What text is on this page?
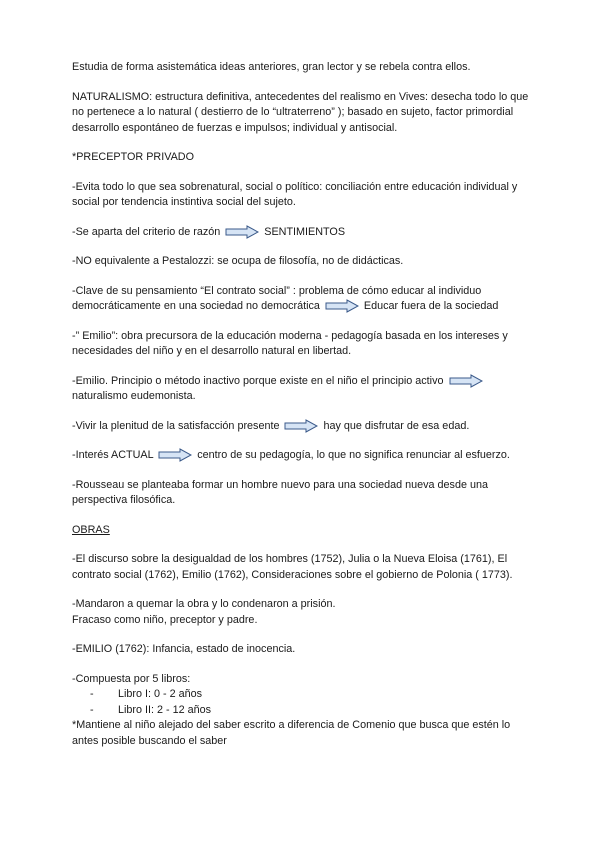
Estudia de forma asistemática ideas anteriores, gran lector y se rebela contra ellos.

NATURALISMO: estructura definitiva, antecedentes del realismo en Vives: desecha todo lo que no pertenece a lo natural ( destierro de lo “ultraterreno” ); basado en sujeto, factor primordial desarrollo espontáneo de fuerzas e impulsos; individual y antisocial.

*PRECEPTOR PRIVADO

-Evita todo lo que sea sobrenatural, social o político: conciliación entre educación individual y social por tendencia instintiva social del sujeto.

-Se aparta del criterio de razón	SENTIMIENTOS

-NO equivalente a Pestalozzi: se ocupa de filosofía, no de didácticas.

-Clave de su pensamiento “El contrato social” : problema de cómo educar al individuo democráticamente en una sociedad no democrática	Educar fuera de la sociedad

-” Emilio”: obra precursora de la educación moderna - pedagogía basada en los intereses y necesidades del niño y en el desarrollo natural en libertad.

-Emilio. Principio o método inactivo porque existe en el niño el principio activo
naturalismo eudemonista.

-Vivir la plenitud de la satisfacción presente	hay que disfrutar de esa edad.

-Interés ACTUAL	centro de su pedagogía, lo que no significa renunciar al esfuerzo.

-Rousseau se planteaba formar un hombre nuevo para una sociedad nueva desde una perspectiva filosófica.

OBRAS

-El discurso sobre la desigualdad de los hombres (1752), Julia o la Nueva Eloisa (1761), El contrato social (1762), Emilio (1762), Consideraciones sobre el gobierno de Polonia ( 1773).

-Mandaron a quemar la obra y lo condenaron a prisión.

Fracaso como niño, preceptor y padre.

-EMILIO (1762): Infancia, estado de inocencia.

-Compuesta por 5 libros:

- Libro I: 0 - 2 años
- Libro II: 2 - 12 años

*Mantiene al niño alejado del saber escrito a diferencia de Comenio que busca que estén lo antes posible buscando el saber
